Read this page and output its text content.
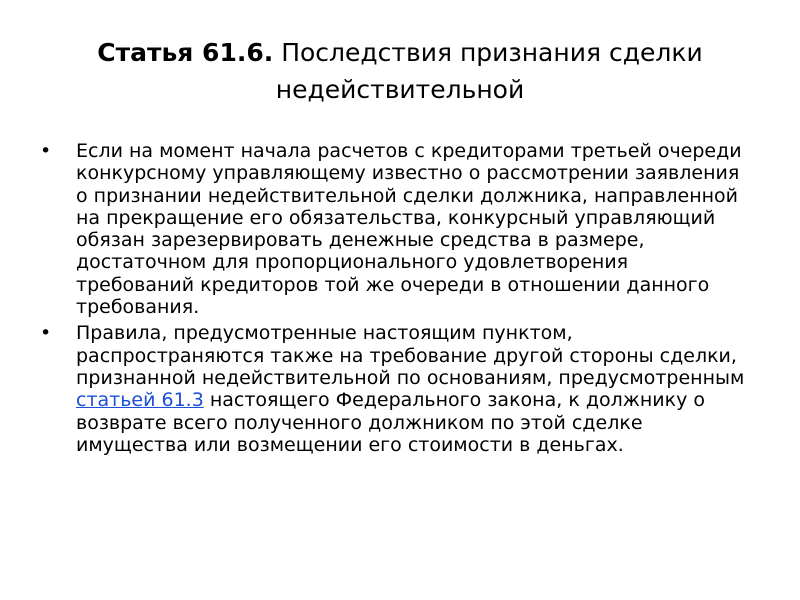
Статья 61.6. Последствия признания сделки недействительной
• Если на момент начала расчетов с кредиторами третьей очереди конкурсному управляющему известно о рассмотрении заявления о признании недействительной сделки должника, направленной на прекращение его обязательства, конкурсный управляющий обязан зарезервировать денежные средства в размере, достаточном для пропорционального удовлетворения требований кредиторов той же очереди в отношении данного требования.
• Правила, предусмотренные настоящим пунктом, распространяются также на требование другой стороны сделки, признанной недействительной по основаниям, предусмотренным статьей 61.3 настоящего Федерального закона, к должнику о возврате всего полученного должником по этой сделке имущества или возмещении его стоимости в деньгах.
